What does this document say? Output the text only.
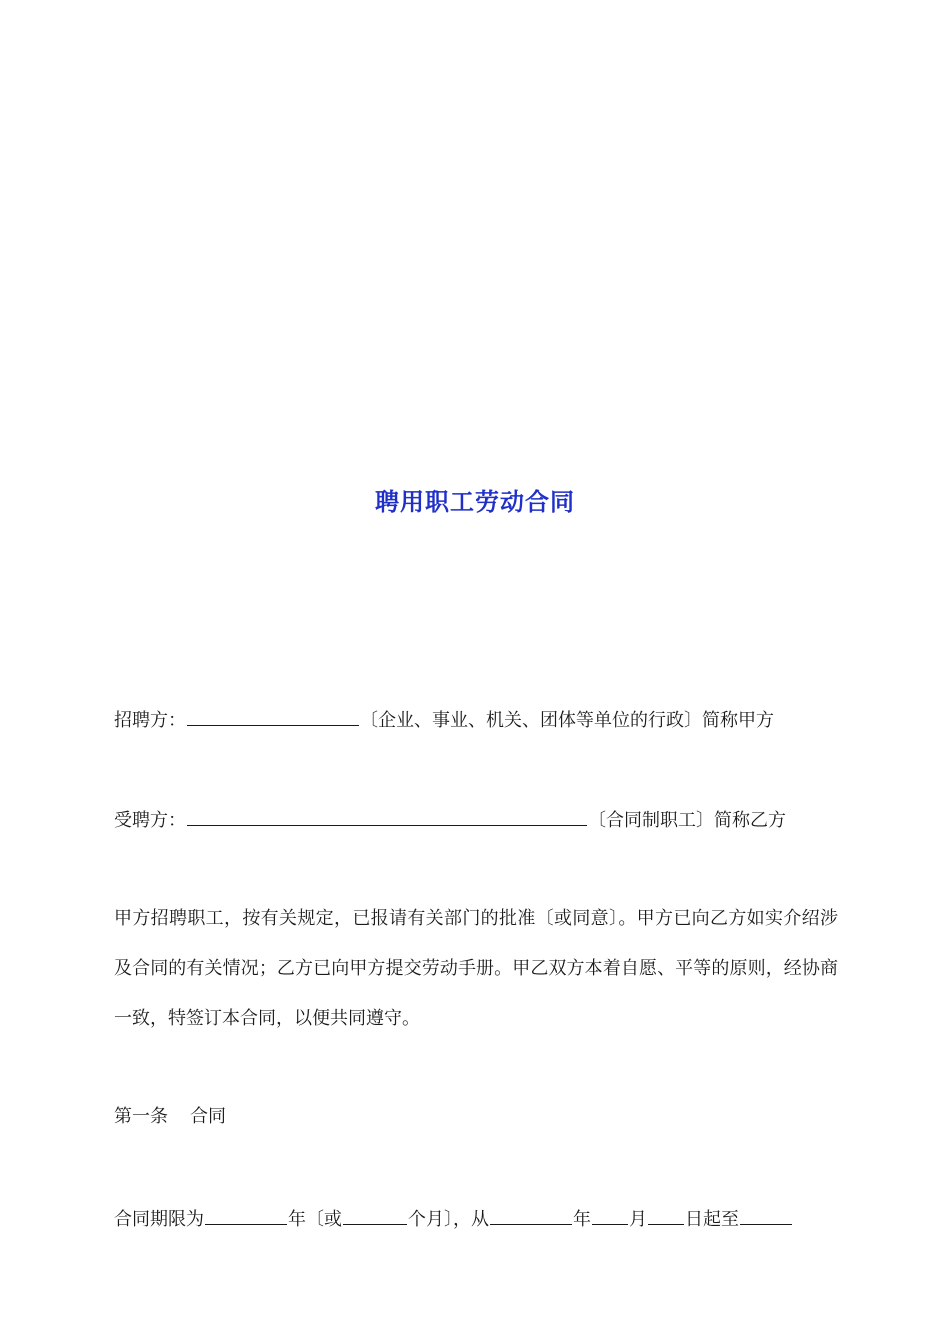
聘用职工劳动合同
招聘方：	〔企业、事业、机关、团体等单位的行政〕简称甲方
受聘方：	〔合同制职工〕简称乙方
甲方招聘职工，按有关规定，已报请有关部门的批准〔或同意〕。甲方已向乙方如实介绍涉及合同的有关情况；乙方已向甲方提交劳动手册。甲乙双方本着自愿、平等的原则，经协商一致，特签订本合同，以便共同遵守。
第一条 合同
合同期限为	年〔或	个月〕，从	年 月 日起至
